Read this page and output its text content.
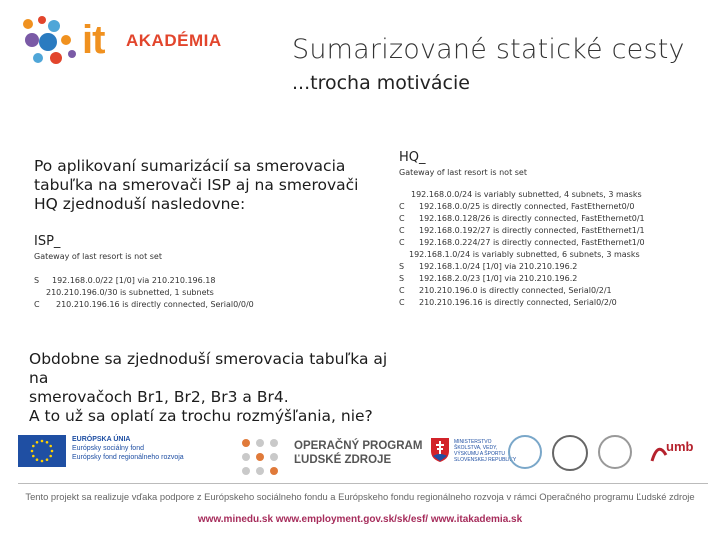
it AKADÉMIA	Sumarizované statické cesty
...trocha motivácie
Po aplikovaní sumarizácií sa smerovacia tabuľka na smerovači ISP aj na smerovači HQ zjednoduší nasledovne:
ISP_
Gateway of last resort is not set
S 192.168.0.0/22 [1/0] via 210.210.196.18
210.210.196.0/30 is subnetted, 1 subnets
C 210.210.196.16 is directly connected, Serial0/0/0
Obdobne sa zjednoduší smerovacia tabuľka aj na
smerovačoch Br1, Br2, Br3 a Br4.
A to už sa oplatí za trochu rozmýšľania, nie?
HQ_
Gateway of last resort is not set
192.168.0.0/24 is variably subnetted, 4 subnets, 3 masks
C 192.168.0.0/25 is directly connected, FastEthernet0/0
C 192.168.0.128/26 is directly connected, FastEthernet0/1
C 192.168.0.192/27 is directly connected, FastEthernet1/1
C 192.168.0.224/27 is directly connected, FastEthernet1/0
192.168.1.0/24 is variably subnetted, 6 subnets, 3 masks
S 192.168.1.0/24 [1/0] via 210.210.196.2
S 192.168.2.0/23 [1/0] via 210.210.196.2
C 210.210.196.0 is directly connected, Serial0/2/1
C 210.210.196.16 is directly connected, Serial0/2/0
EURÓPSKA ÚNIA
Európsky sociálny fond
Európsky fond regionálneho rozvoja
OPERAČNÝ PROGRAM
ĽUDSKÉ ZDROJE
MINISTERSTVO
ŠKOLSTVA, VEDY,
VÝSKUMU A ŠPORTU
SLOVENSKEJ REPUBLIKY
umb
Tento projekt sa realizuje vďaka podpore z Európskeho sociálneho fondu a Európskeho fondu regionálneho rozvoja v rámci Operačného programu Ľudské zdroje
www.minedu.sk www.employment.gov.sk/sk/esf/ www.itakademia.sk
